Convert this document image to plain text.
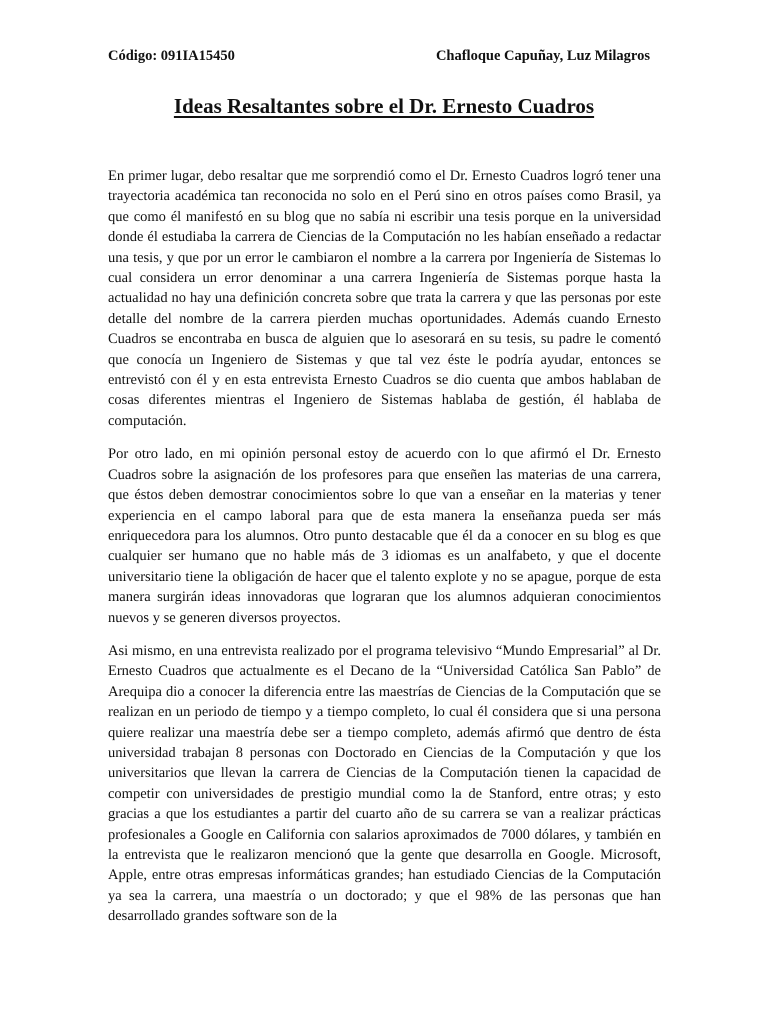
Código: 091IA15450	Chafloque Capuñay, Luz Milagros
Ideas Resaltantes sobre el Dr. Ernesto Cuadros

En primer lugar, debo resaltar que me sorprendió como el Dr. Ernesto Cuadros logró tener una trayectoria académica tan reconocida no solo en el Perú sino en otros países como Brasil, ya que como él manifestó en su blog que no sabía ni escribir una tesis porque en la universidad donde él estudiaba la carrera de Ciencias de la Computación no les habían enseñado a redactar una tesis, y que por un error le cambiaron el nombre a la carrera por Ingeniería de Sistemas lo cual considera un error denominar a una carrera Ingeniería de Sistemas porque hasta la actualidad no hay una definición concreta sobre que trata la carrera y que las personas por este detalle del nombre de la carrera pierden muchas oportunidades. Además cuando Ernesto Cuadros se encontraba en busca de alguien que lo asesorará en su tesis, su padre le comentó que conocía un Ingeniero de Sistemas y que tal vez éste le podría ayudar, entonces se entrevistó con él y en esta entrevista Ernesto Cuadros se dio cuenta que ambos hablaban de cosas diferentes mientras el Ingeniero de Sistemas hablaba de gestión, él hablaba de computación.

Por otro lado, en mi opinión personal estoy de acuerdo con lo que afirmó el Dr. Ernesto Cuadros sobre la asignación de los profesores para que enseñen las materias de una carrera, que éstos deben demostrar conocimientos sobre lo que van a enseñar en la materias y tener experiencia en el campo laboral para que de esta manera la enseñanza pueda ser más enriquecedora para los alumnos. Otro punto destacable que él da a conocer en su blog es que cualquier ser humano que no hable más de 3 idiomas es un analfabeto, y que el docente universitario tiene la obligación de hacer que el talento explote y no se apague, porque de esta manera surgirán ideas innovadoras que lograran que los alumnos adquieran conocimientos nuevos y se generen diversos proyectos.

Asi mismo, en una entrevista realizado por el programa televisivo “Mundo Empresarial” al Dr. Ernesto Cuadros que actualmente es el Decano de la “Universidad Católica San Pablo” de Arequipa dio a conocer la diferencia entre las maestrías de Ciencias de la Computación que se realizan en un periodo de tiempo y a tiempo completo, lo cual él considera que si una persona quiere realizar una maestría debe ser a tiempo completo, además afirmó que dentro de ésta universidad trabajan 8 personas con Doctorado en Ciencias de la Computación y que los universitarios que llevan la carrera de Ciencias de la Computación tienen la capacidad de competir con universidades de prestigio mundial como la de Stanford, entre otras; y esto gracias a que los estudiantes a partir del cuarto año de su carrera se van a realizar prácticas profesionales a Google en California con salarios aproximados de 7000 dólares, y también en la entrevista que le realizaron mencionó que la gente que desarrolla en Google. Microsoft, Apple, entre otras empresas informáticas grandes; han estudiado Ciencias de la Computación ya sea la carrera, una maestría o un doctorado; y que el 98% de las personas que han desarrollado grandes software son de la
